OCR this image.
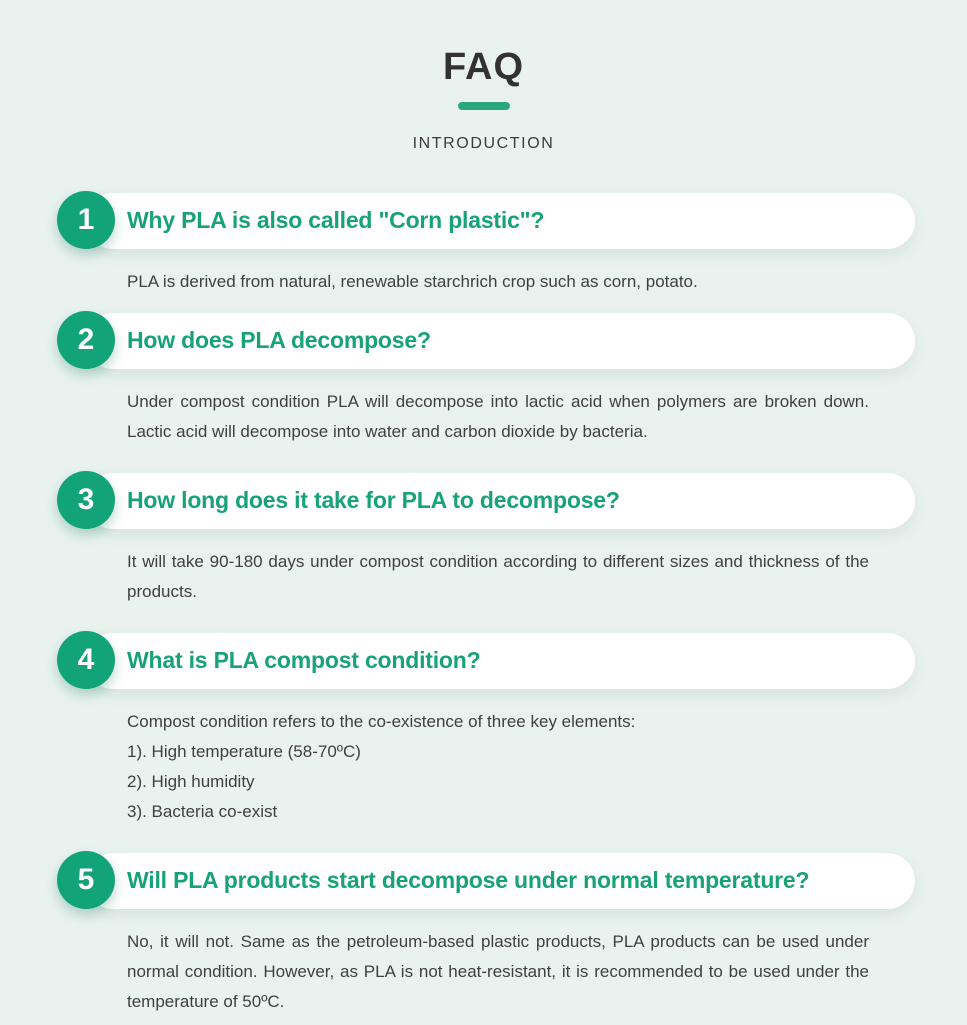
FAQ
INTRODUCTION
1	Why PLA is also called "Corn plastic"?
PLA is derived from natural, renewable starchrich crop such as corn, potato.
2	How does PLA decompose?
Under compost condition PLA will decompose into lactic acid when polymers are broken down. Lactic acid will decompose into water and carbon dioxide by bacteria.
3	How long does it take for PLA to decompose?
It will take 90-180 days under compost condition according to different sizes and thickness of the products.
4	What is PLA compost condition?
Compost condition refers to the co-existence of three key elements:
1). High temperature (58-70ºC)
2). High humidity
3). Bacteria co-exist
5	Will PLA products start decompose under normal temperature?
No, it will not. Same as the petroleum-based plastic products, PLA products can be used under normal condition. However, as PLA is not heat-resistant, it is recommended to be used under the temperature of 50ºC.
